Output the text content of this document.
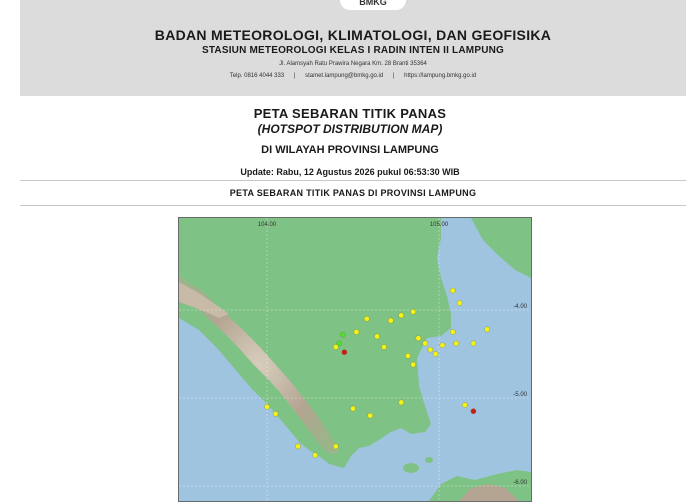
BMKG
BADAN METEOROLOGI, KLIMATOLOGI, DAN GEOFISIKA
STASIUN METEOROLOGI KELAS I RADIN INTEN II LAMPUNG
Jl. Alamsyah Ratu Prawira Negara Km. 28 Branti 35364
Telp. 0816 4044 333 | stamet.lampung@bmkg.go.id | https://lampung.bmkg.go.id
PETA SEBARAN TITIK PANAS
(HOTSPOT DISTRIBUTION MAP)
DI WILAYAH PROVINSI LAMPUNG
Update: Rabu, 12 Agustus 2026 pukul 06:53:30 WIB
PETA SEBARAN TITIK PANAS DI PROVINSI LAMPUNG
104.00	105.00
-4.00
-5.00
-6.00
